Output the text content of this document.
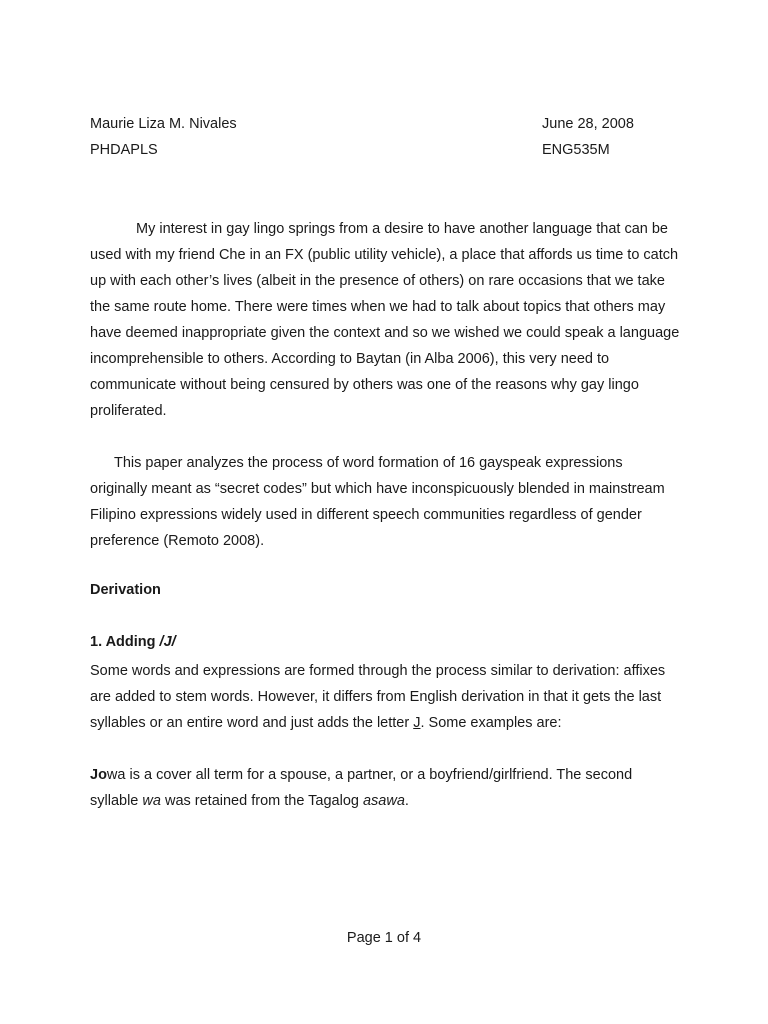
Maurie Liza M. Nivales	June 28, 2008
PHDAPLS	ENG535M

My interest in gay lingo springs from a desire to have another language that can be used with my friend Che in an FX (public utility vehicle), a place that affords us time to catch up with each other’s lives (albeit in the presence of others) on rare occasions that we take the same route home. There were times when we had to talk about topics that others may have deemed inappropriate given the context and so we wished we could speak a language incomprehensible to others. According to Baytan (in Alba 2006), this very need to communicate without being censured by others was one of the reasons why gay lingo proliferated.

This paper analyzes the process of word formation of 16 gayspeak expressions originally meant as “secret codes” but which have inconspicuously blended in mainstream Filipino expressions widely used in different speech communities regardless of gender preference (Remoto 2008).

Derivation

1. Adding /J/

Some words and expressions are formed through the process similar to derivation: affixes are added to stem words. However, it differs from English derivation in that it gets the last syllables or an entire word and just adds the letter J. Some examples are:

Jowa is a cover all term for a spouse, a partner, or a boyfriend/girlfriend. The second syllable wa was retained from the Tagalog asawa.

Page 1 of 4
